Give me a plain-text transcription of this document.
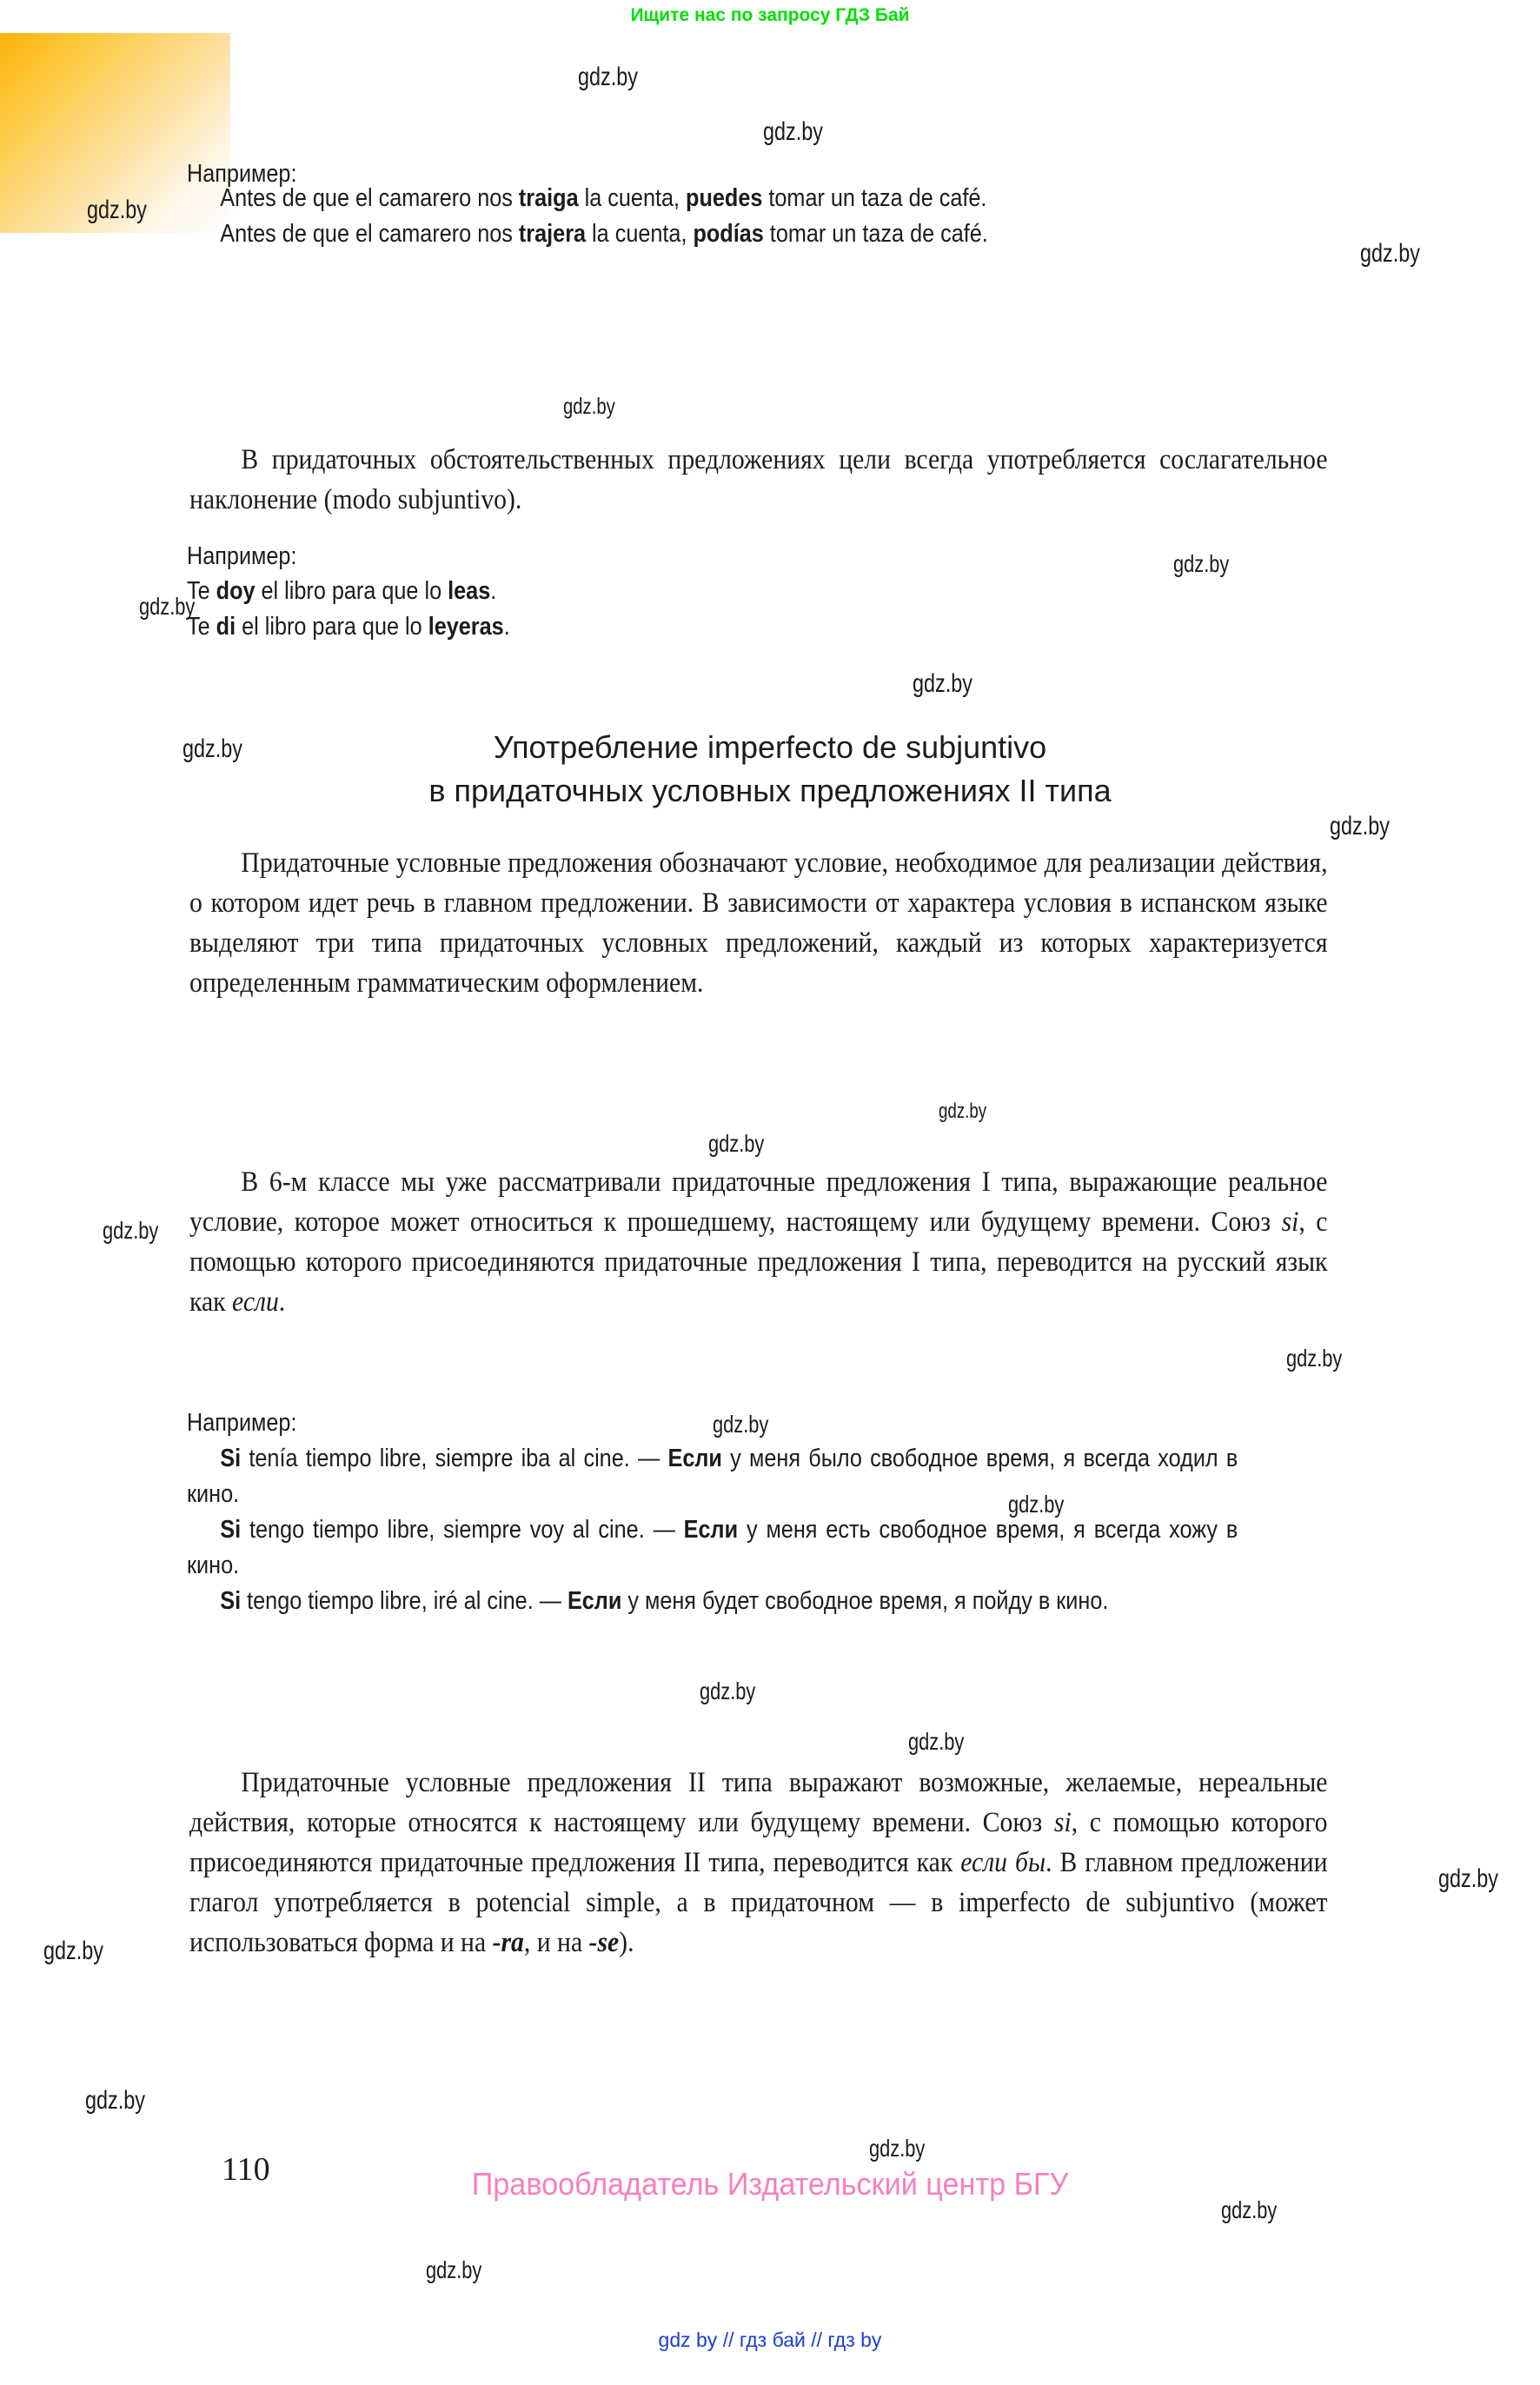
Ищите нас по запросу ГДЗ Бай
gdz.by
gdz.by
gdz.by
gdz.by
gdz.by
gdz.by
gdz.by
gdz.by
gdz.by
gdz.by
gdz.by
gdz.by
gdz.by
gdz.by
gdz.by
gdz.by
gdz.by
gdz.by
gdz.by
gdz.by
gdz.by
gdz.by
gdz.by
gdz.by
Например:
Antes de que el camarero nos traiga la cuenta, puedes tomar un taza de café.
Antes de que el camarero nos trajera la cuenta, podías tomar un taza de café.
В придаточных обстоятельственных предложениях цели всегда употребляется сослагательное наклонение (modo subjuntivo).
Например:
Te doy el libro para que lo leas.
Te di el libro para que lo leyeras.
Употребление imperfecto de subjuntivo
в придаточных условных предложениях II типа
Придаточные условные предложения обозначают условие, необходимое для реализации действия, о котором идет речь в главном предложении. В зависимости от характера условия в испанском языке выделяют три типа придаточных условных предложений, каждый из которых характеризуется определенным грамматическим оформлением.
В 6-м классе мы уже рассматривали придаточные предложения I типа, выражающие реальное условие, которое может относиться к прошедшему, настоящему или будущему времени. Союз si, с помощью которого присоединяются придаточные предложения I типа, переводится на русский язык как если.
Например:
Si tenía tiempo libre, siempre iba al cine. — Если у меня было свободное время, я всегда ходил в кино.
Si tengo tiempo libre, siempre voy al cine. — Если у меня есть свободное время, я всегда хожу в кино.
Si tengo tiempo libre, iré al cine. — Если у меня будет свободное время, я пойду в кино.
Придаточные условные предложения II типа выражают возможные, желаемые, нереальные действия, которые относятся к настоящему или будущему времени. Союз si, с помощью которого присоединяются придаточные предложения II типа, переводится как если бы. В главном предложении глагол употребляется в potencial simple, а в придаточном — в imperfecto de subjuntivo (может использоваться форма и на -ra, и на -se).
110	Правообладатель Издательский центр БГУ
gdz by // гдз бай // гдз by
